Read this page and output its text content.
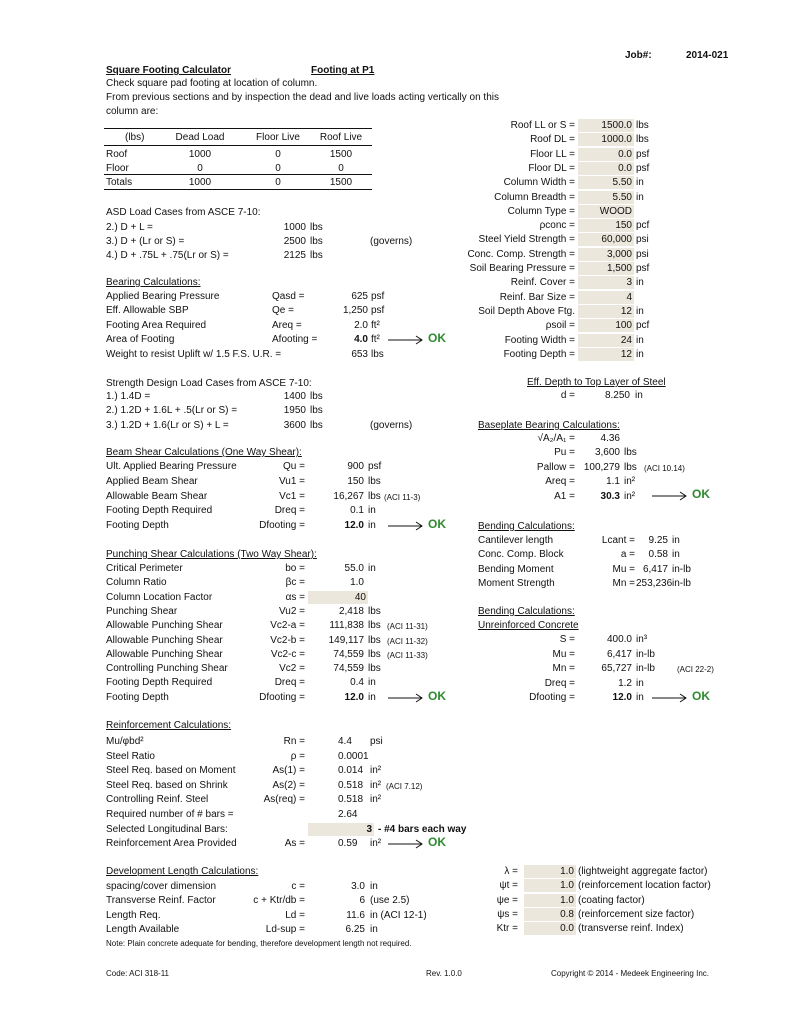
Job#:	2014-021
Square Footing Calculator	Footing at P1
Check square pad footing at location of column.
From previous sections and by inspection the dead and live loads acting vertically on this
column are:
(lbs)	Dead Load	Floor Live	Roof Live
Roof	1000	0	1500
Floor	0	0	0
Totals	1000	0	1500
Roof LL or S =	1500.0 lbs
Roof DL =	1000.0 lbs
Floor LL =	0.0 psf
Floor DL =	0.0 psf
Column Width =	5.50 in
Column Breadth =	5.50 in
Column Type =	WOOD
ρconc =	150 pcf
Steel Yield Strength =	60,000 psi
Conc. Comp. Strength =	3,000 psi
Soil Bearing Pressure =	1,500 psf
Reinf. Cover =	3 in
Reinf. Bar Size =	4
Soil Depth Above Ftg.	12 in
ρsoil =	100 pcf
Footing Width =	24 in
Footing Depth =	12 in
ASD Load Cases from ASCE 7-10:
2.) D + L =	1000 lbs
3.) D + (Lr or S) =	2500 lbs	(governs)
4.) D + .75L + .75(Lr or S) =	2125 lbs
Bearing Calculations:
Applied Bearing Pressure	Qasd =	625 psf
Eff. Allowable SBP	Qe =	1,250 psf
Footing Area Required	Areq =	2.0 ft²
Area of Footing	Afooting =	4.0 ft²
Weight to resist Uplift w/ 1.5 F.S. U.R. =	653 lbs
OK
Eff. Depth to Top Layer of Steel
d =	8.250 in
Strength Design Load Cases from ASCE 7-10:
1.) 1.4D =	1400 lbs
2.) 1.2D + 1.6L + .5(Lr or S) =	1950 lbs
3.) 1.2D + 1.6(Lr or S) + L =	3600 lbs	(governs)	Baseplate Bearing Calculations:
√A₂/A₁ =	4.36
Pu =	3,600 lbs
Pallow = 100,279 lbs (ACI 10.14)
Areq =	1.1 in²
A1 =	30.3 in²	OK
Beam Shear Calculations (One Way Shear):
Ult. Applied Bearing Pressure	Qu =	900 psf
Applied Beam Shear	Vu1 =	150 lbs
Allowable Beam Shear	Vc1 =	16,267 lbs (ACI 11-3)
Footing Depth Required	Dreq =	0.1 in
Footing Depth	Dfooting =	12.0 in	OK	Bending Calculations:
Cantilever length	Lcant =	9.25 in
Conc. Comp. Block	a =	0.58 in
Bending Moment	Mu = 6,417 in-lb
Moment Strength	Mn = 253,236 in-lb
Punching Shear Calculations (Two Way Shear):
Critical Perimeter	bo =	55.0 in
Column Ratio	βc =	1.0
Column Location Factor	αs =	40
Punching Shear	Vu2 =	2,418 lbs
Allowable Punching Shear	Vc2-a =	111,838 lbs (ACI 11-31)
Allowable Punching Shear	Vc2-b =	149,117 lbs (ACI 11-32)
Allowable Punching Shear	Vc2-c =	74,559 lbs (ACI 11-33)
Controlling Punching Shear	Vc2 =	74,559 lbs
Footing Depth Required	Dreq =	0.4 in
Footing Depth	Dfooting =	12.0 in	OK
Bending Calculations:
Unreinforced Concrete
S =	400.0 in³
Mu =	6,417 in-lb
Mn =	65,727 in-lb	(ACI 22-2)
Dreq =	1.2 in
Dfooting =	12.0 in	OK
Reinforcement Calculations:
Mu/φbd²	Rn =	4.4 psi
Steel Ratio	ρ =	0.0001
Steel Req. based on Moment	As(1) =	0.014 in²
Steel Req. based on Shrink	As(2) =	0.518 in² (ACI 7.12)
Controlling Reinf. Steel	As(req) =	0.518 in²
Required number of # bars =	2.64
Selected Longitudinal Bars:	3 - #4 bars each way
Reinforcement Area Provided	As =	0.59 in²	OK
Development Length Calculations:
spacing/cover dimension	c =	3.0 in
Transverse Reinf. Factor	c + Ktr/db =	6 (use 2.5)
Length Req.	Ld =	11.6 in (ACI 12-1)
Length Available	Ld-sup =	6.25 in
Note: Plain concrete adequate for bending, therefore development length not required.
λ =	1.0 (lightweight aggregate factor)
ψt =	1.0 (reinforcement location factor)
ψe =	1.0 (coating factor)
ψs =	0.8 (reinforcement size factor)
Ktr =	0.0 (transverse reinf. Index)
Code: ACI 318-11	Rev. 1.0.0	Copyright © 2014 - Medeek Engineering Inc.
